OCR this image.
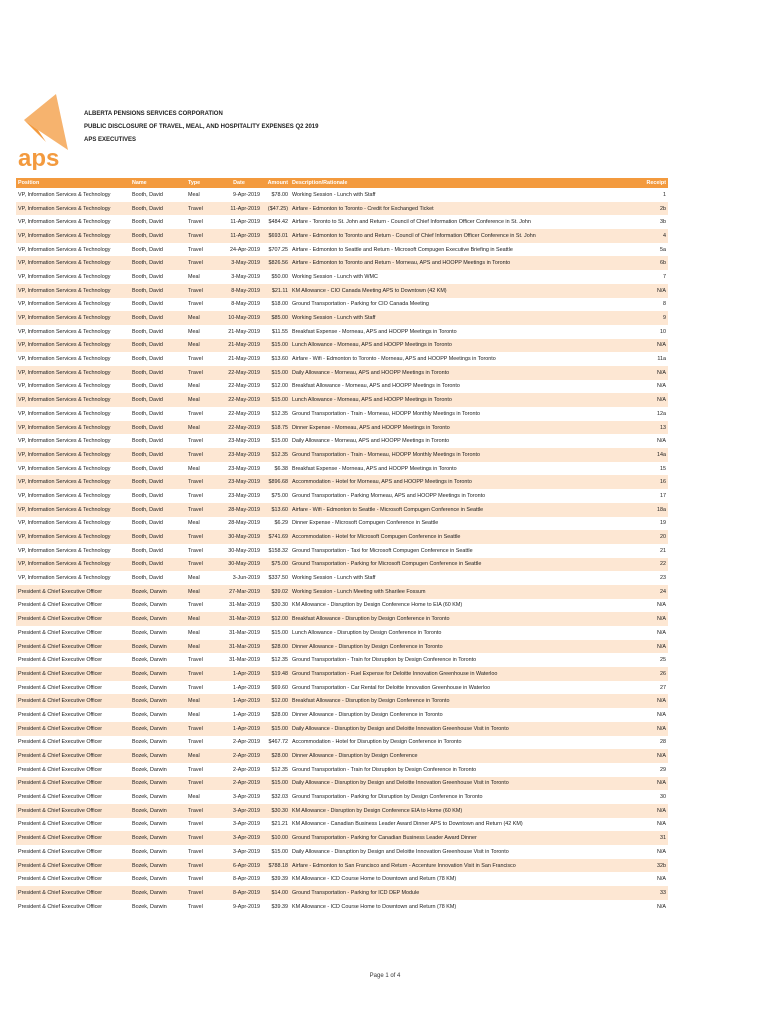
aps
ALBERTA PENSIONS SERVICES CORPORATION
PUBLIC DISCLOSURE OF TRAVEL, MEAL, AND HOSPITALITY EXPENSES Q2 2019
APS EXECUTIVES
Position	Name	Type	Date	Amount Description/Rationale	Receipt
VP, Information Services & Technology	Booth, David	Meal	9-Apr-2019	$78.00 Working Session - Lunch with Staff	1
VP, Information Services & Technology	Booth, David	Travel	11-Apr-2019	($47.25) Airfare - Edmonton to Toronto - Credit for Exchanged Ticket	2b
VP, Information Services & Technology	Booth, David	Travel	11-Apr-2019	$484.42 Airfare - Toronto to St. John and Return - Council of Chief Information Officer Conference in St. John	3b
VP, Information Services & Technology	Booth, David	Travel	11-Apr-2019	$693.01 Airfare - Edmonton to Toronto and Return - Council of Chief Information Officer Conference in St. John	4
VP, Information Services & Technology	Booth, David	Travel	24-Apr-2019	$707.25 Airfare - Edmonton to Seattle and Return - Microsoft Compugen Executive Briefing in Seattle	5a
VP, Information Services & Technology	Booth, David	Travel	3-May-2019	$826.56 Airfare - Edmonton to Toronto and Return - Morneau, APS and HOOPP Meetings in Toronto	6b
VP, Information Services & Technology	Booth, David	Meal	3-May-2019	$50.00 Working Session - Lunch with WMC	7
VP, Information Services & Technology	Booth, David	Travel	8-May-2019	$21.11 KM Allowance - CIO Canada Meeting APS to Downtown (42 KM)	N/A
VP, Information Services & Technology	Booth, David	Travel	8-May-2019	$18.00 Ground Transportation - Parking for CIO Canada Meeting	8
VP, Information Services & Technology	Booth, David	Meal	10-May-2019	$85.00 Working Session - Lunch with Staff	9
VP, Information Services & Technology	Booth, David	Meal	21-May-2019	$11.55 Breakfast Expense - Morneau, APS and HOOPP Meetings in Toronto	10
VP, Information Services & Technology	Booth, David	Meal	21-May-2019	$15.00 Lunch Allowance - Morneau, APS and HOOPP Meetings in Toronto	N/A
VP, Information Services & Technology	Booth, David	Travel	21-May-2019	$13.60 Airfare - Wifi - Edmonton to Toronto - Morneau, APS and HOOPP Meetings in Toronto	11a
VP, Information Services & Technology	Booth, David	Travel	22-May-2019	$15.00 Daily Allowance - Morneau, APS and HOOPP Meetings in Toronto	N/A
VP, Information Services & Technology	Booth, David	Meal	22-May-2019	$12.00 Breakfast Allowance - Morneau, APS and HOOPP Meetings in Toronto	N/A
VP, Information Services & Technology	Booth, David	Meal	22-May-2019	$15.00 Lunch Allowance - Morneau, APS and HOOPP Meetings in Toronto	N/A
VP, Information Services & Technology	Booth, David	Travel	22-May-2019	$12.35 Ground Transportation - Train - Morneau, HOOPP Monthly Meetings in Toronto	12a
VP, Information Services & Technology	Booth, David	Meal	22-May-2019	$18.75 Dinner Expense - Morneau, APS and HOOPP Meetings in Toronto	13
VP, Information Services & Technology	Booth, David	Travel	23-May-2019	$15.00 Daily Allowance - Morneau, APS and HOOPP Meetings in Toronto	N/A
VP, Information Services & Technology	Booth, David	Travel	23-May-2019	$12.35 Ground Transportation - Train - Morneau, HOOPP Monthly Meetings in Toronto	14a
VP, Information Services & Technology	Booth, David	Meal	23-May-2019	$6.38 Breakfast Expense - Morneau, APS and HOOPP Meetings in Toronto	15
VP, Information Services & Technology	Booth, David	Travel	23-May-2019	$896.68 Accommodation - Hotel for Morneau, APS and HOOPP Meetings in Toronto	16
VP, Information Services & Technology	Booth, David	Travel	23-May-2019	$75.00 Ground Transportation - Parking Morneau, APS and HOOPP Meetings in Toronto	17
VP, Information Services & Technology	Booth, David	Travel	28-May-2019	$13.60 Airfare - Wifi - Edmonton to Seattle - Microsoft Compugen Conference in Seattle	18a
VP, Information Services & Technology	Booth, David	Meal	28-May-2019	$6.29 Dinner Expense - Microsoft Compugen Conference in Seattle	19
VP, Information Services & Technology	Booth, David	Travel	30-May-2019	$741.69 Accommodation - Hotel for Microsoft Compugen Conference in Seattle	20
VP, Information Services & Technology	Booth, David	Travel	30-May-2019	$158.32 Ground Transportation - Taxi for Microsoft Compugen Conference in Seattle	21
VP, Information Services & Technology	Booth, David	Travel	30-May-2019	$75.00 Ground Transportation - Parking for Microsoft Compugen Conference in Seattle	22
VP, Information Services & Technology	Booth, David	Meal	3-Jun-2019	$337.50 Working Session - Lunch with Staff	23
President & Chief Executive Officer	Bozek, Darwin	Meal	27-Mar-2019	$39.02 Working Session - Lunch Meeting with Sharilee Fossum	24
President & Chief Executive Officer	Bozek, Darwin	Travel	31-Mar-2019	$30.30 KM Allowance - Disruption by Design Conference Home to EIA (60 KM)	N/A
President & Chief Executive Officer	Bozek, Darwin	Meal	31-Mar-2019	$12.00 Breakfast Allowance - Disruption by Design Conference in Toronto	N/A
President & Chief Executive Officer	Bozek, Darwin	Meal	31-Mar-2019	$15.00 Lunch Allowance - Disruption by Design Conference in Toronto	N/A
President & Chief Executive Officer	Bozek, Darwin	Meal	31-Mar-2019	$28.00 Dinner Allowance - Disruption by Design Conference in Toronto	N/A
President & Chief Executive Officer	Bozek, Darwin	Travel	31-Mar-2019	$12.35 Ground Transportation - Train for Disruption by Design Conference in Toronto	25
President & Chief Executive Officer	Bozek, Darwin	Travel	1-Apr-2019	$19.48 Ground Transportation - Fuel Expense for Deloitte Innovation Greenhouse in Waterloo	26
President & Chief Executive Officer	Bozek, Darwin	Travel	1-Apr-2019	$69.60 Ground Transportation - Car Rental for Deloitte Innovation Greenhouse in Waterloo	27
President & Chief Executive Officer	Bozek, Darwin	Meal	1-Apr-2019	$12.00 Breakfast Allowance - Disruption by Design Conference in Toronto	N/A
President & Chief Executive Officer	Bozek, Darwin	Meal	1-Apr-2019	$28.00 Dinner Allowance - Disruption by Design Conference in Toronto	N/A
President & Chief Executive Officer	Bozek, Darwin	Travel	1-Apr-2019	$15.00 Daily Allowance - Disruption by Design and Deloitte Innovation Greenhouse Visit in Toronto	N/A
President & Chief Executive Officer	Bozek, Darwin	Travel	2-Apr-2019	$467.72 Accommodation - Hotel for Disruption by Design Conference in Toronto	28
President & Chief Executive Officer	Bozek, Darwin	Meal	2-Apr-2019	$28.00 Dinner Allowance - Disruption by Design Conference	N/A
President & Chief Executive Officer	Bozek, Darwin	Travel	2-Apr-2019	$12.35 Ground Transportation - Train for Disruption by Design Conference in Toronto	29
President & Chief Executive Officer	Bozek, Darwin	Travel	2-Apr-2019	$15.00 Daily Allowance - Disruption by Design and Deloitte Innovation Greenhouse Visit in Toronto	N/A
President & Chief Executive Officer	Bozek, Darwin	Meal	3-Apr-2019	$32.03 Ground Transportation - Parking for Disruption by Design Conference in Toronto	30
President & Chief Executive Officer	Bozek, Darwin	Travel	3-Apr-2019	$30.30 KM Allowance - Disruption by Design Conference EIA to Home (60 KM)	N/A
President & Chief Executive Officer	Bozek, Darwin	Travel	3-Apr-2019	$21.21 KM Allowance - Canadian Business Leader Award Dinner APS to Downtown and Return (42 KM)	N/A
President & Chief Executive Officer	Bozek, Darwin	Travel	3-Apr-2019	$10.00 Ground Transportation - Parking for Canadian Business Leader Award Dinner	31
President & Chief Executive Officer	Bozek, Darwin	Travel	3-Apr-2019	$15.00 Daily Allowance - Disruption by Design and Deloitte Innovation Greenhouse Visit in Toronto	N/A
President & Chief Executive Officer	Bozek, Darwin	Travel	6-Apr-2019	$788.18 Airfare - Edmonton to San Francisco and Return - Accenture Innovation Visit in San Francisco	32b
President & Chief Executive Officer	Bozek, Darwin	Travel	8-Apr-2019	$39.39 KM Allowance - ICD Course Home to Downtown and Return (78 KM)	N/A
President & Chief Executive Officer	Bozek, Darwin	Travel	8-Apr-2019	$14.00 Ground Transportation - Parking for ICD DEP Module	33
President & Chief Executive Officer	Bozek, Darwin	Travel	9-Apr-2019	$39.39 KM Allowance - ICD Course Home to Downtown and Return (78 KM)	N/A
Page 1 of 4
